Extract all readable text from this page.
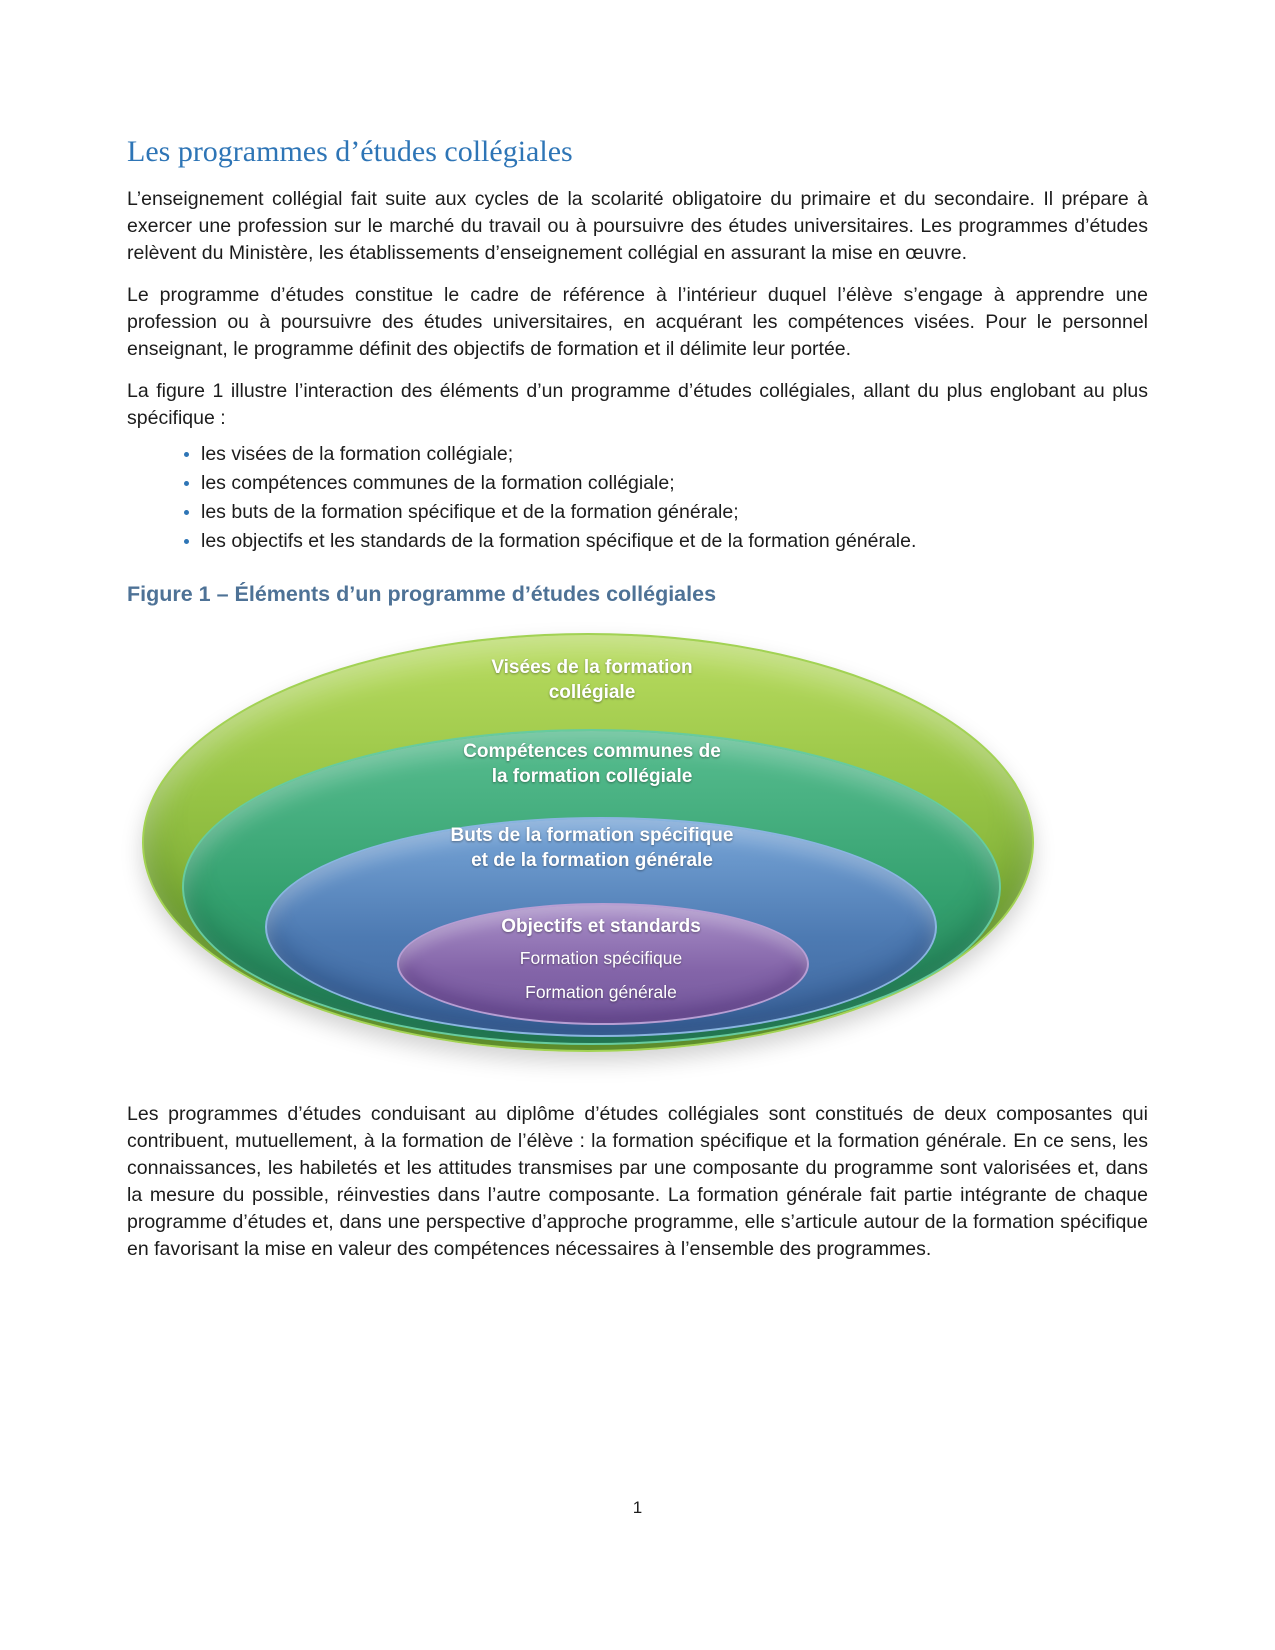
Les programmes d’études collégiales

L’enseignement collégial fait suite aux cycles de la scolarité obligatoire du primaire et du secondaire. Il prépare à exercer une profession sur le marché du travail ou à poursuivre des études universitaires. Les programmes d’études relèvent du Ministère, les établissements d’enseignement collégial en assurant la mise en œuvre.

Le programme d’études constitue le cadre de référence à l’intérieur duquel l’élève s’engage à apprendre une profession ou à poursuivre des études universitaires, en acquérant les compétences visées. Pour le personnel enseignant, le programme définit des objectifs de formation et il délimite leur portée.

La figure 1 illustre l’interaction des éléments d’un programme d’études collégiales, allant du plus englobant au plus spécifique :

• les visées de la formation collégiale;
• les compétences communes de la formation collégiale;
• les buts de la formation spécifique et de la formation générale;
• les objectifs et les standards de la formation spécifique et de la formation générale.
Figure 1 – Éléments d’un programme d’études collégiales
Visées de la formation
collégiale
Compétences communes de
la formation collégiale
Buts de la formation spécifique
et de la formation générale
Objectifs et standards
Formation spécifique
Formation générale

Les programmes d’études conduisant au diplôme d’études collégiales sont constitués de deux composantes qui contribuent, mutuellement, à la formation de l’élève : la formation spécifique et la formation générale. En ce sens, les connaissances, les habiletés et les attitudes transmises par une composante du programme sont valorisées et, dans la mesure du possible, réinvesties dans l’autre composante. La formation générale fait partie intégrante de chaque programme d’études et, dans une perspective d’approche programme, elle s’articule autour de la formation spécifique en favorisant la mise en valeur des compétences nécessaires à l’ensemble des programmes.

1
